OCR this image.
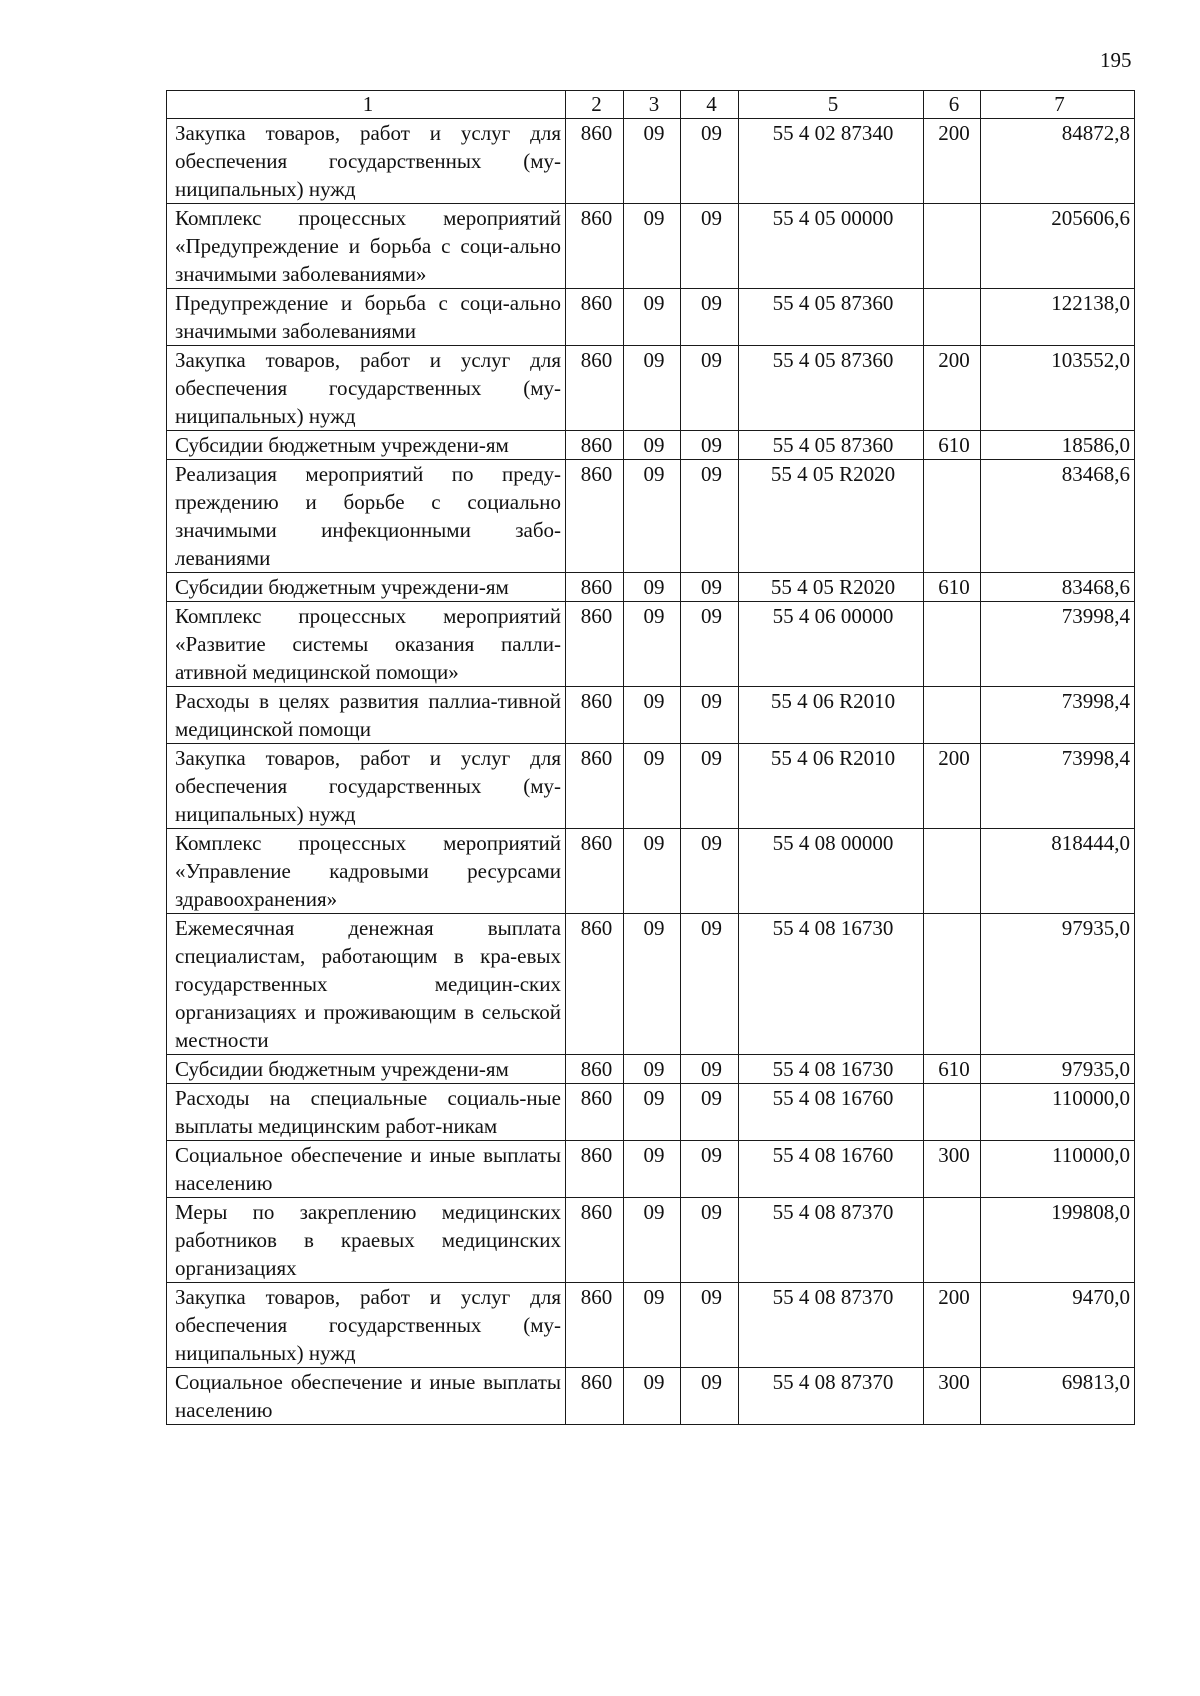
195
1	2	3	4	5	6	7
Закупка товаров, работ и услуг для обеспечения государственных (му-ниципальных) нужд	860	09	09	55 4 02 87340	200	84872,8
Комплекс процессных мероприятий «Предупреждение и борьба с соци-ально значимыми заболеваниями»	860	09	09	55 4 05 00000		205606,6
Предупреждение и борьба с соци-ально значимыми заболеваниями	860	09	09	55 4 05 87360		122138,0
Закупка товаров, работ и услуг для обеспечения государственных (му-ниципальных) нужд	860	09	09	55 4 05 87360	200	103552,0
Субсидии бюджетным учреждени-ям	860	09	09	55 4 05 87360	610	18586,0
Реализация мероприятий по преду-преждению и борьбе с социально значимыми инфекционными забо-леваниями	860	09	09	55 4 05 R2020		83468,6
Субсидии бюджетным учреждени-ям	860	09	09	55 4 05 R2020	610	83468,6
Комплекс процессных мероприятий «Развитие системы оказания палли-ативной медицинской помощи»	860	09	09	55 4 06 00000		73998,4
Расходы в целях развития паллиа-тивной медицинской помощи	860	09	09	55 4 06 R2010		73998,4
Закупка товаров, работ и услуг для обеспечения государственных (му-ниципальных) нужд	860	09	09	55 4 06 R2010	200	73998,4
Комплекс процессных мероприятий «Управление кадровыми ресурсами здравоохранения»	860	09	09	55 4 08 00000		818444,0
Ежемесячная денежная выплата специалистам, работающим в кра-евых государственных медицин-ских организациях и проживающим в сельской местности	860	09	09	55 4 08 16730		97935,0
Субсидии бюджетным учреждени-ям	860	09	09	55 4 08 16730	610	97935,0
Расходы на специальные социаль-ные выплаты медицинским работ-никам	860	09	09	55 4 08 16760		110000,0
Социальное обеспечение и иные выплаты населению	860	09	09	55 4 08 16760	300	110000,0
Меры по закреплению медицинских работников в краевых медицинских организациях	860	09	09	55 4 08 87370		199808,0
Закупка товаров, работ и услуг для обеспечения государственных (му-ниципальных) нужд	860	09	09	55 4 08 87370	200	9470,0
Социальное обеспечение и иные выплаты населению	860	09	09	55 4 08 87370	300	69813,0
